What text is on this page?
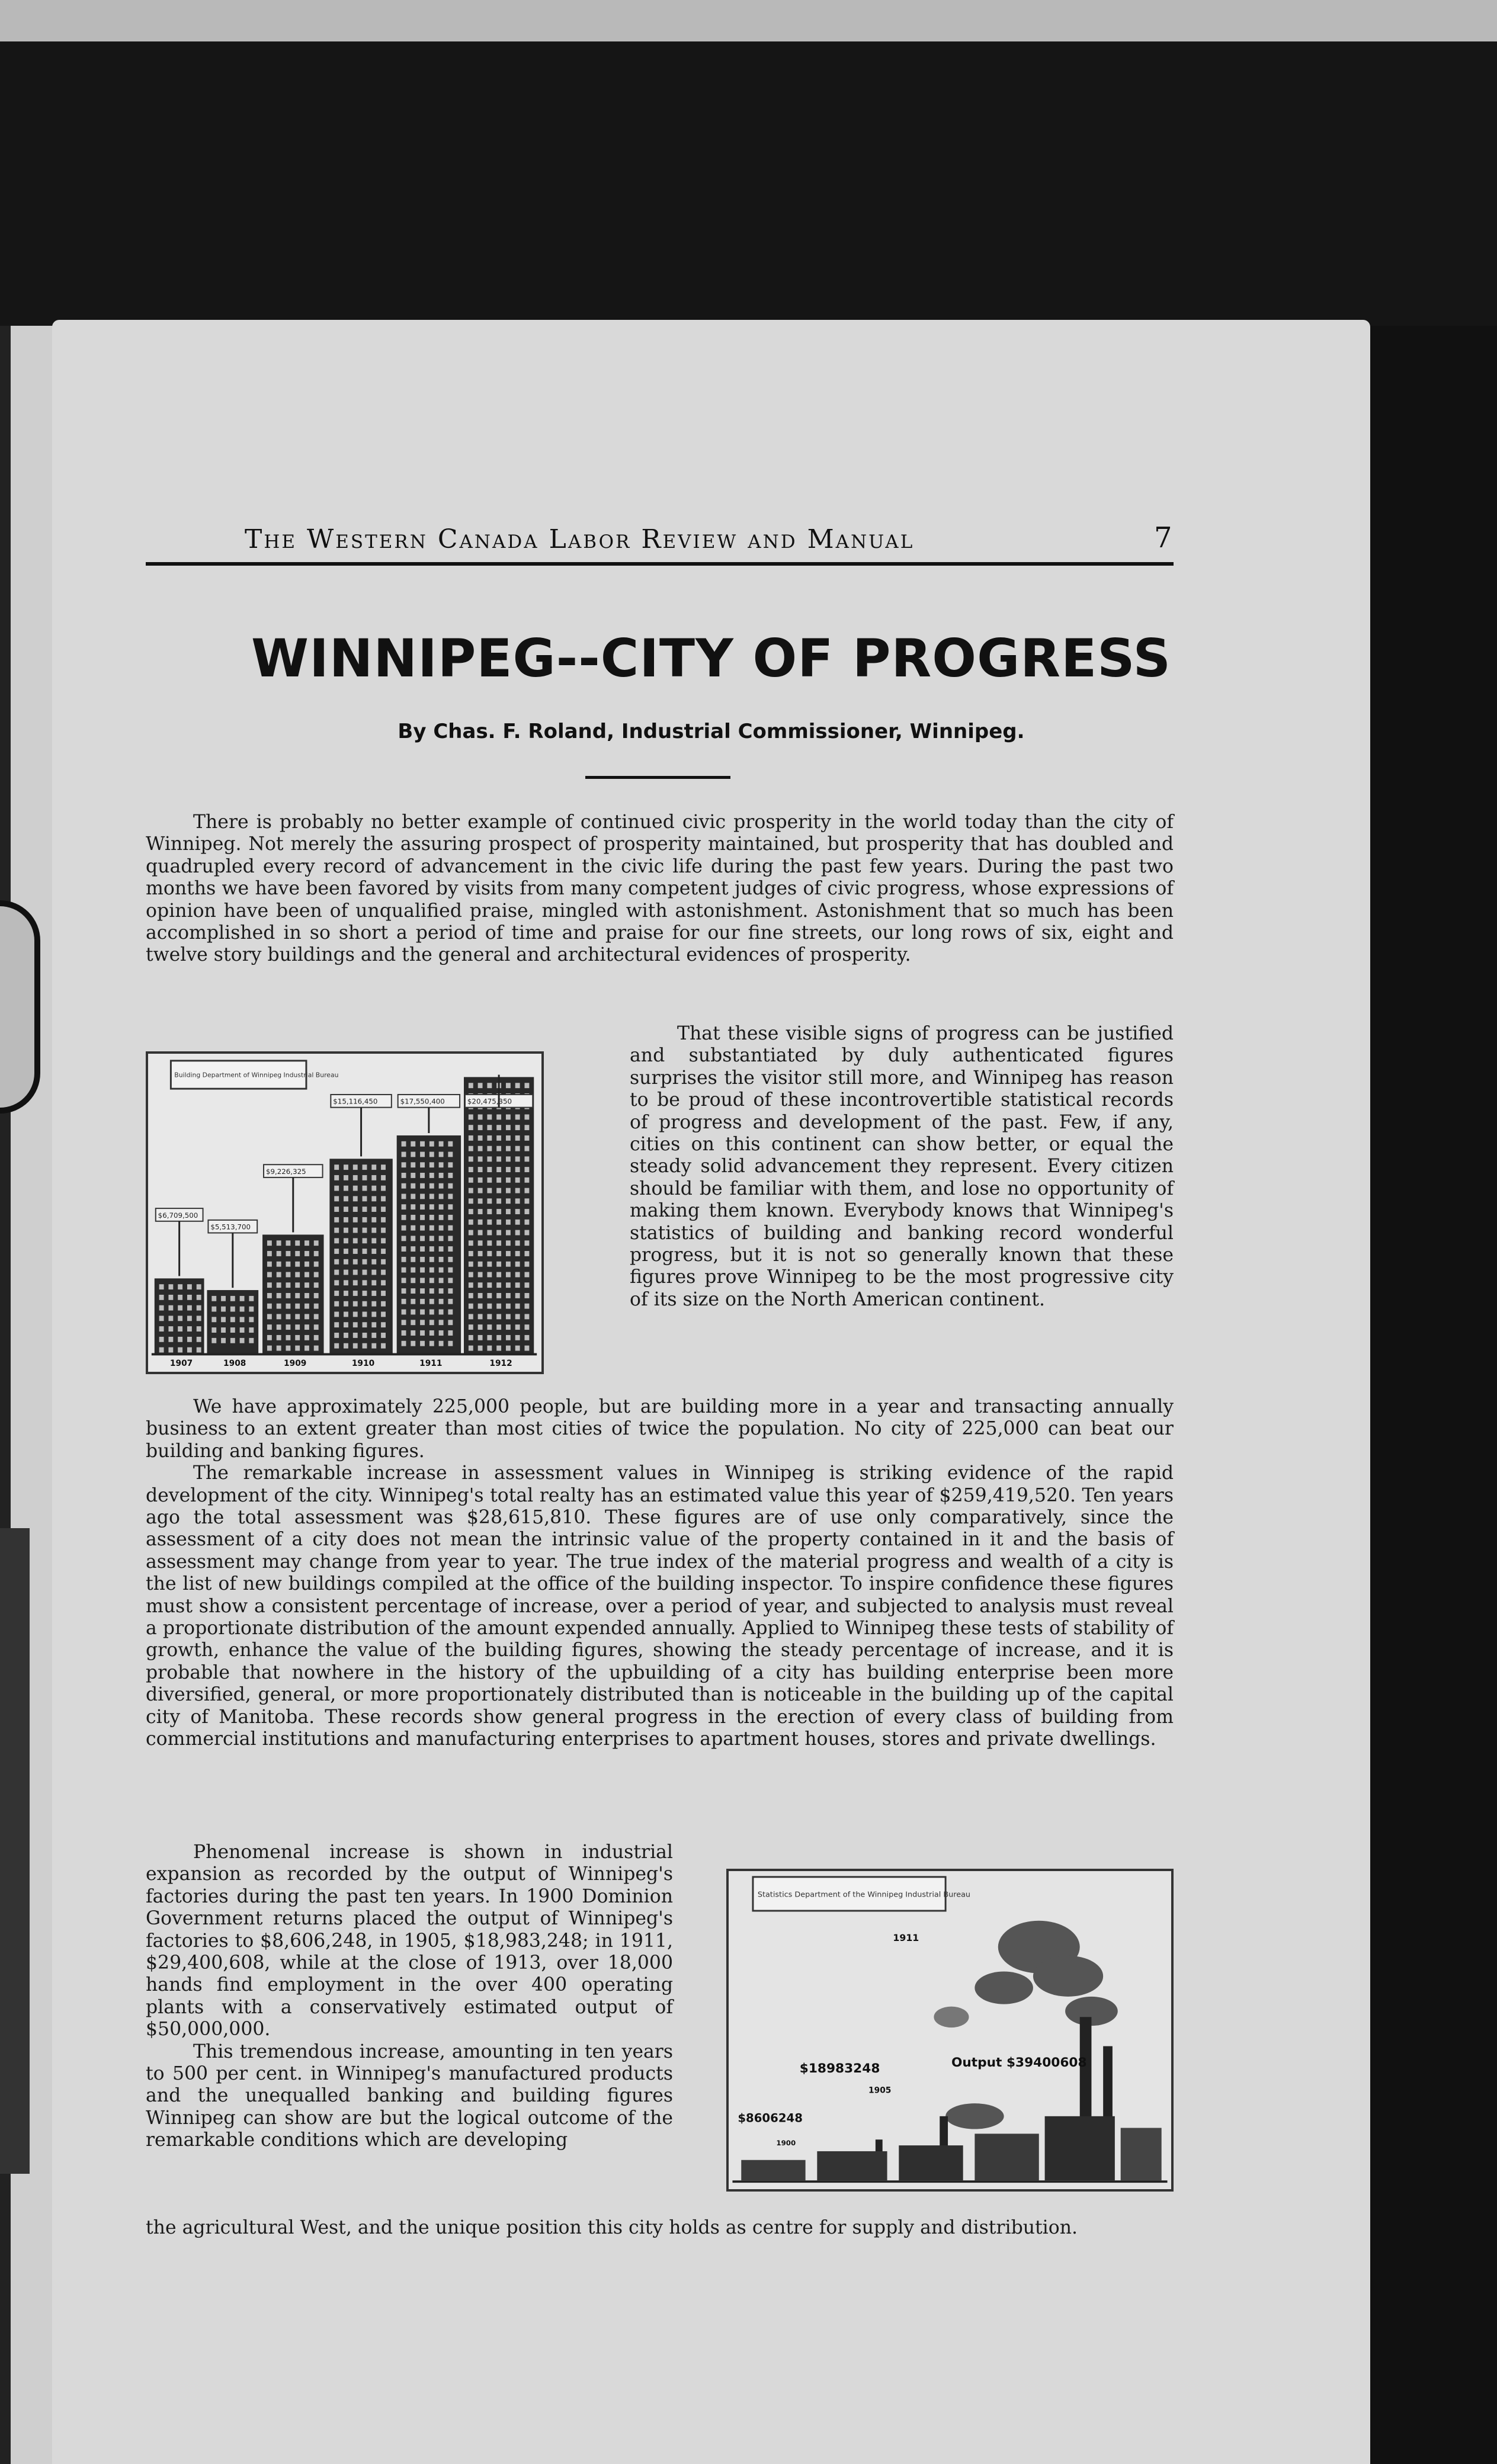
The Western Canada Labor Review and Manual	7
WINNIPEG--CITY OF PROGRESS
By Chas. F. Roland, Industrial Commissioner, Winnipeg.

There is probably no better example of continued civic prosperity in the world today than the city of Winnipeg. Not merely the assuring prospect of prosperity maintained, but prosperity that has doubled and quadrupled every record of advancement in the civic life during the past few years. During the past two months we have been favored by visits from many competent judges of civic progress, whose expressions of opinion have been of unqualified praise, mingled with astonishment. Astonishment that so much has been accomplished in so short a period of time and praise for our fine streets, our long rows of six, eight and twelve story buildings and the general and architectural evidences of prosperity.

That these visible signs of progress can be justified and substantiated by duly authenticated figures surprises the visitor still more, and Winnipeg has reason to be proud of these incontrovertible statistical records of progress and development of the past. Few, if any, cities on this continent can show better, or equal the steady solid advancement they represent. Every citizen should be familiar with them, and lose no opportunity of making them known. Everybody knows that Winnipeg's statistics of building and banking record wonderful progress, but it is not so generally known that these figures prove Winnipeg to be the most progressive city of its size on the North American continent.

Building Department of Winnipeg Industrial Bureau
$6,709,500
1907
$5,513,700
1908
$9,226,325
1909
$15,116,450
1910
$17,550,400
1911
$20,475,350
1912

We have approximately 225,000 people, but are building more in a year and transacting annually business to an extent greater than most cities of twice the population. No city of 225,000 can beat our building and banking figures.

The remarkable increase in assessment values in Winnipeg is striking evidence of the rapid development of the city. Winnipeg's total realty has an estimated value this year of $259,419,520. Ten years ago the total assessment was $28,615,810. These figures are of use only comparatively, since the assessment of a city does not mean the intrinsic value of the property contained in it and the basis of assessment may change from year to year. The true index of the material progress and wealth of a city is the list of new buildings compiled at the office of the building inspector. To inspire confidence these figures must show a consistent percentage of increase, over a period of year, and subjected to analysis must reveal a proportionate distribution of the amount expended annually. Applied to Winnipeg these tests of stability of growth, enhance the value of the building figures, showing the steady percentage of increase, and it is probable that nowhere in the history of the upbuilding of a city has building enterprise been more diversified, general, or more proportionately distributed than is noticeable in the building up of the capital city of Manitoba. These records show general progress in the erection of every class of building from commercial institutions and manufacturing enterprises to apartment houses, stores and private dwellings.

Phenomenal increase is shown in industrial expansion as recorded by the output of Winnipeg's factories during the past ten years. In 1900 Dominion Government returns placed the output of Winnipeg's factories to $8,606,248, in 1905, $18,983,248; in 1911, $29,400,608, while at the close of 1913, over 18,000 hands find employment in the over 400 operating plants with a conservatively estimated output of $50,000,000.

This tremendous increase, amounting in ten years to 500 per cent. in Winnipeg's manufactured products and the unequalled banking and building figures Winnipeg can show are but the logical outcome of the remarkable conditions which are developing

Statistics Department of the Winnipeg Industrial Bureau
1911
1905
$18983248	Output $39400608
$8606248
1900

the agricultural West, and the unique position this city holds as centre for supply and distribution.
